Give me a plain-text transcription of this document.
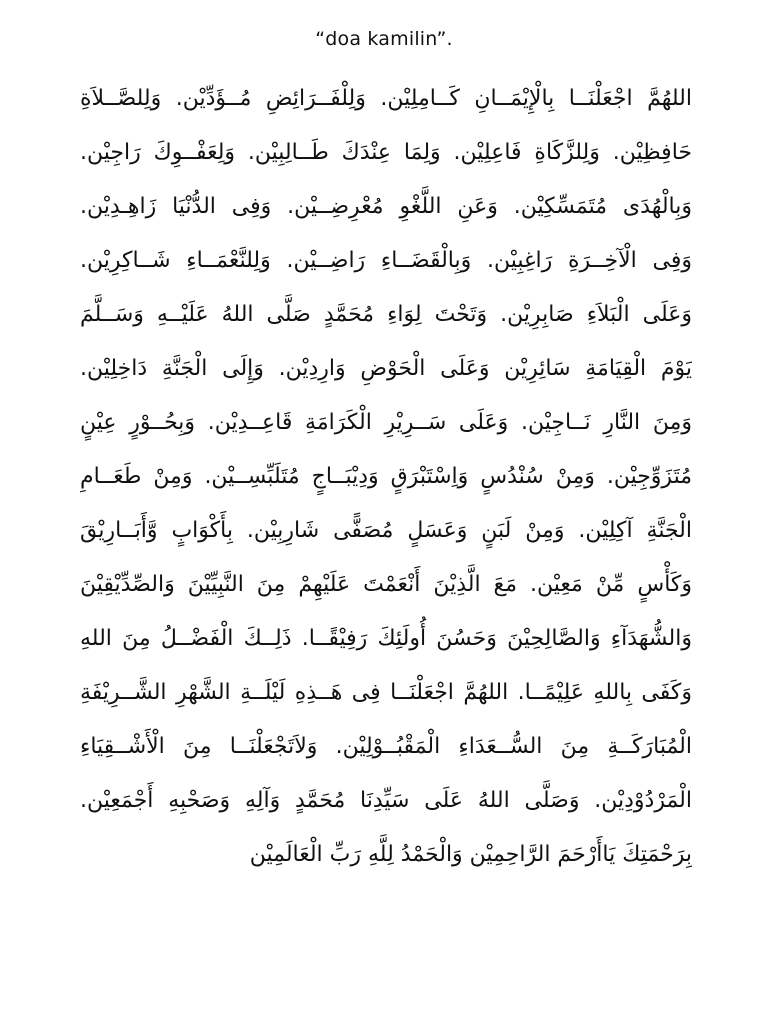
“doa kamilin”.
اللهُمَّ اجْعَلْنَــا بِالْإِيْمَــانِ كَــامِلِيْن. وَلِلْفَــرَائِضِ مُــؤَدِّيْن. وَلِلصَّــلاَةِ
حَافِظِيْن. وَلِلزَّكَاةِ فَاعِلِيْن. وَلِمَا عِنْدَكَ طَــالِبِيْن. وَلِعَفْــوِكَ رَاجِيْن.
وَبِالْهُدَى مُتَمَسِّكِيْن. وَعَنِ اللَّغْوِ مُعْرِضِــيْن. وَفِى الدُّنْيَا زَاهِـدِيْن.
وَفِى الْآخِــرَةِ رَاغِبِيْن. وَبِالْقَضَــاءِ رَاضِــيْن. وَلِلنَّعْمَــاءِ شَــاكِرِيْن.
وَعَلَى الْبَلاَءِ صَابِرِيْن. وَتَحْتَ لِوَاءِ مُحَمَّدٍ صَلَّى اللهُ عَلَيْــهِ وَسَــلَّمَ
يَوْمَ الْقِيَامَةِ سَائِرِيْن وَعَلَى الْحَوْضِ وَارِدِيْن. وَإِلَى الْجَنَّةِ دَاخِلِيْن.
وَمِنَ النَّارِ نَــاجِيْن. وَعَلَى سَــرِيْرِ الْكَرَامَةِ قَاعِــدِيْن. وَبِحُــوْرٍ عِيْنٍ
مُتَزَوِّجِيْن. وَمِنْ سُنْدُسٍ وَاِسْتَبْرَقٍ وَدِيْبَــاجٍ مُتَلَبِّسِــيْن. وَمِنْ طَعَــامِ
الْجَنَّةِ آكِلِيْن. وَمِنْ لَبَنٍ وَعَسَلٍ مُصَفًّى شَارِبِيْن. بِأَكْوَابٍ وَّأَبَــارِيْقَ
وَكَأْسٍ مِّنْ مَعِيْن. مَعَ الَّذِيْنَ أَنْعَمْتَ عَلَيْهِمْ مِنَ النَّبِيِّيْنَ وَالصِّدِّيْقِيْنَ
وَالشُّهَدَآءِ وَالصَّالِحِيْنَ وَحَسُنَ أُولَئِكَ رَفِيْقًــا. ذَلِــكَ الْفَضْــلُ مِنَ اللهِ
وَكَفَى بِاللهِ عَلِيْمًــا. اللهُمَّ اجْعَلْنَــا فِى هَــذِهِ لَيْلَــةِ الشَّهْرِ الشَّــرِيْفَةِ
الْمُبَارَكَــةِ مِنَ السُّــعَدَاءِ الْمَقْبُــوْلِيْن. وَلاَتَجْعَلْنَــا مِنَ الْأَشْــقِيَاءِ
الْمَرْدُوْدِيْن. وَصَلَّى اللهُ عَلَى سَيِّدِنَا مُحَمَّدٍ وَآلِهِ وَصَحْبِهِ أَجْمَعِيْن.
بِرَحْمَتِكَ يَاأَرْحَمَ الرَّاحِمِيْن وَالْحَمْدُ لِلَّهِ رَبِّ الْعَالَمِيْن
